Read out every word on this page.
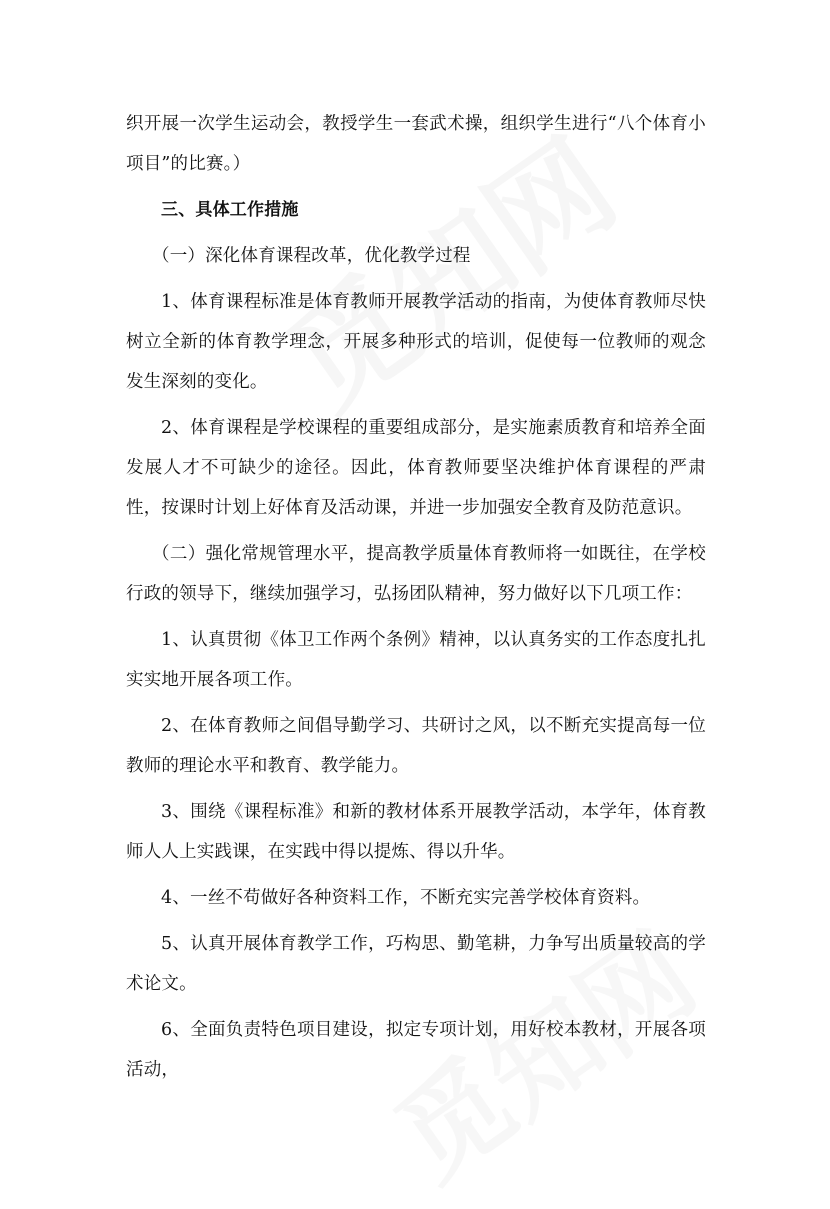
织开展一次学生运动会，教授学生一套武术操，组织学生进行“八个体育小项目”的比赛。）

三、具体工作措施

（一）深化体育课程改革，优化教学过程

1、体育课程标准是体育教师开展教学活动的指南，为使体育教师尽快树立全新的体育教学理念，开展多种形式的培训，促使每一位教师的观念发生深刻的变化。

2、体育课程是学校课程的重要组成部分，是实施素质教育和培养全面发展人才不可缺少的途径。因此，体育教师要坚决维护体育课程的严肃性，按课时计划上好体育及活动课，并进一步加强安全教育及防范意识。

（二）强化常规管理水平，提高教学质量体育教师将一如既往，在学校行政的领导下，继续加强学习，弘扬团队精神，努力做好以下几项工作：

1、认真贯彻《体卫工作两个条例》精神，以认真务实的工作态度扎扎实实地开展各项工作。

2、在体育教师之间倡导勤学习、共研讨之风，以不断充实提高每一位教师的理论水平和教育、教学能力。

3、围绕《课程标准》和新的教材体系开展教学活动，本学年，体育教师人人上实践课，在实践中得以提炼、得以升华。

4、一丝不苟做好各种资料工作，不断充实完善学校体育资料。

5、认真开展体育教学工作，巧构思、勤笔耕，力争写出质量较高的学术论文。

6、全面负责特色项目建设，拟定专项计划，用好校本教材，开展各项活动，
